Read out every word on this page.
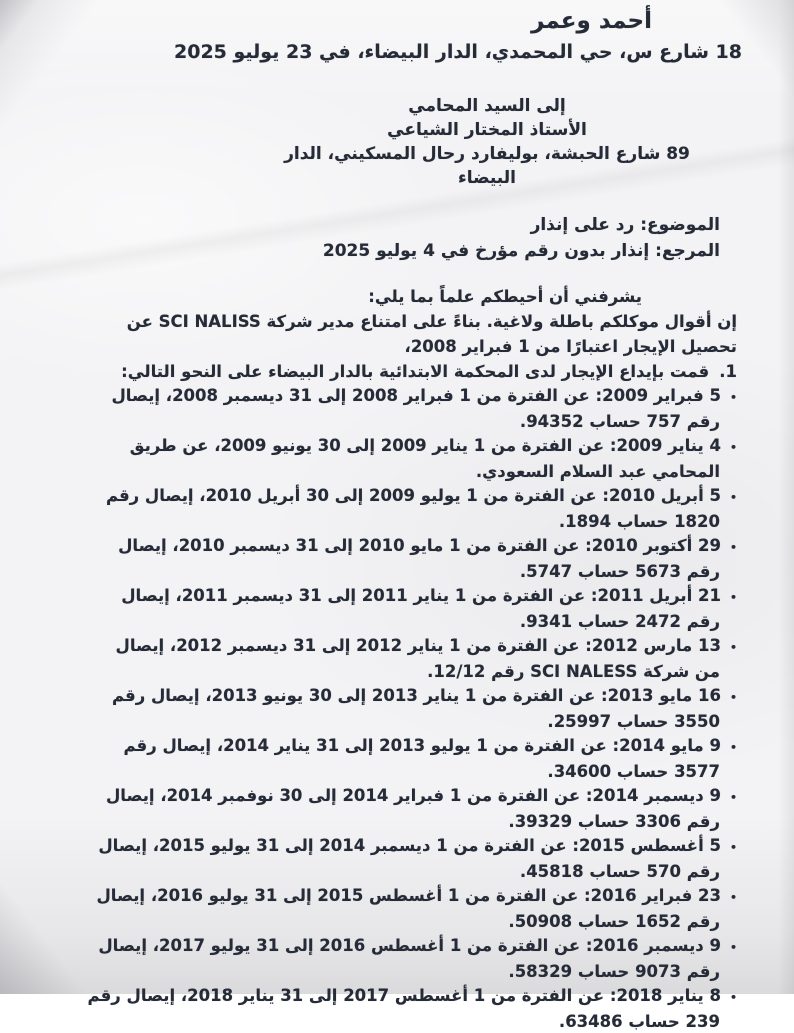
أحمد وعمر
18 شارع س، حي المحمدي، الدار البيضاء، في 23 يوليو 2025
إلى السيد المحامي
الأستاذ المختار الشياعي
89 شارع الحبشة، بوليفارد رحال المسكيني، الدار البيضاء
الموضوع: رد على إنذار
المرجع: إنذار بدون رقم مؤرخ في 4 يوليو 2025
يشرفني أن أحيطكم علماً بما يلي:
إن أقوال موكلكم باطلة ولاغية. بناءً على امتناع مدير شركة SCI NALISS عن
تحصيل الإيجار اعتبارًا من 1 فبراير 2008،
1.قمت بإيداع الإيجار لدى المحكمة الابتدائية بالدار البيضاء على النحو التالي:
•5 فبراير 2009: عن الفترة من 1 فبراير 2008 إلى 31 ديسمبر 2008، إيصال رقم 757 حساب 94352.
•4 يناير 2009: عن الفترة من 1 يناير 2009 إلى 30 يونيو 2009، عن طريق المحامي عبد السلام السعودي.
•5 أبريل 2010: عن الفترة من 1 يوليو 2009 إلى 30 أبريل 2010، إيصال رقم 1820 حساب 1894.
•29 أكتوبر 2010: عن الفترة من 1 مايو 2010 إلى 31 ديسمبر 2010، إيصال رقم 5673 حساب 5747.
•21 أبريل 2011: عن الفترة من 1 يناير 2011 إلى 31 ديسمبر 2011، إيصال رقم 2472 حساب 9341.
•13 مارس 2012: عن الفترة من 1 يناير 2012 إلى 31 ديسمبر 2012، إيصال من شركة SCI NALESS رقم 12/12.
•16 مايو 2013: عن الفترة من 1 يناير 2013 إلى 30 يونيو 2013، إيصال رقم 3550 حساب 25997.
•9 مايو 2014: عن الفترة من 1 يوليو 2013 إلى 31 يناير 2014، إيصال رقم 3577 حساب 34600.
•9 ديسمبر 2014: عن الفترة من 1 فبراير 2014 إلى 30 نوفمبر 2014، إيصال رقم 3306 حساب 39329.
•5 أغسطس 2015: عن الفترة من 1 ديسمبر 2014 إلى 31 يوليو 2015، إيصال رقم 570 حساب 45818.
•23 فبراير 2016: عن الفترة من 1 أغسطس 2015 إلى 31 يوليو 2016، إيصال رقم 1652 حساب 50908.
•9 ديسمبر 2016: عن الفترة من 1 أغسطس 2016 إلى 31 يوليو 2017، إيصال رقم 9073 حساب 58329.
•8 يناير 2018: عن الفترة من 1 أغسطس 2017 إلى 31 يناير 2018، إيصال رقم 239 حساب 63486.
